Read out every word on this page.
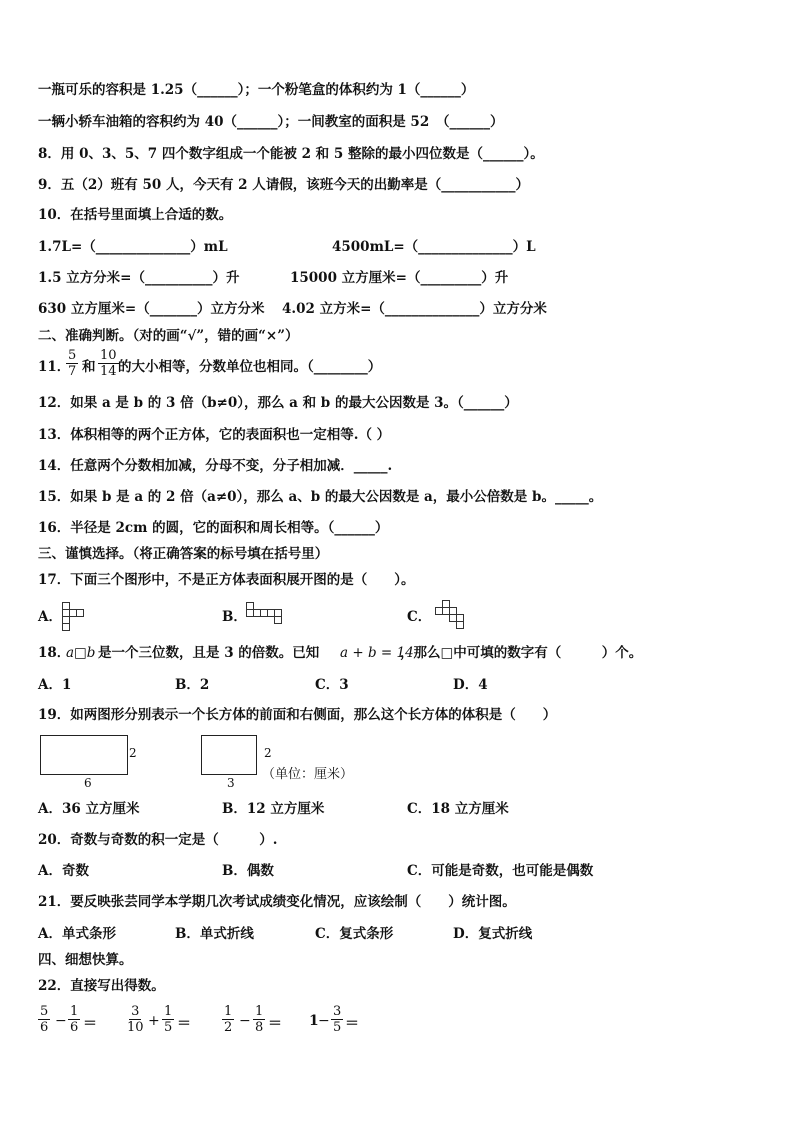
一瓶可乐的容积是 1.25（______）；一个粉笔盒的体积约为 1（______）
一辆小轿车油箱的容积约为 40（______）；一间教室的面积是 52　（______）
8．用 0、3、5、7 四个数字组成一个能被 2 和 5 整除的最小四位数是（______）。
9．五（2）班有 50 人，今天有 2 人请假，该班今天的出勤率是（___________）
10．在括号里面填上合适的数。
1.7L=（______________）mL	4500mL=（______________）L
1.5 立方分米=（__________）升	15000 立方厘米=（_________）升
630 立方厘米=（_______）立方分米 4.02 立方米=（______________）立方分米
二、准确判断。（对的画“√”，错的画“×”）
11．
$\frac{5}{7}$ 和 $\frac{10}{14}$ 的大小相等，分数单位也相同。（________）
12．如果 a 是 b 的 3 倍（b≠0），那么 a 和 b 的最大公因数是 3。（______）
13．体积相等的两个正方体，它的表面积也一定相等.（ ）
14．任意两个分数相加减，分母不变，分子相加减．_____.
15．如果 b 是 a 的 2 倍（a≠0），那么 a、b 的最大公因数是 a，最小公倍数是 b。_____。
16．半径是 2cm 的圆，它的面积和周长相等。（______）
三、谨慎选择。（将正确答案的标号填在括号里）
17．下面三个图形中，不是正方体表面积展开图的是（　　）。
A．	B．	C．
18．
a□b 是一个三位数，且是 3 的倍数。已知 a + b = 14
，那么□中可填的数字有（　　　）个。
A．1	B．2	C．3	D．4
19．如两图形分别表示一个长方体的前面和右侧面，那么这个长方体的体积是（　　）
2
6
2
3
（单位：厘米）
A．36 立方厘米	B．12 立方厘米	C．18 立方厘米
20．奇数与奇数的积一定是（　　　）.
A．奇数	B．偶数	C．可能是奇数，也可能是偶数
21．要反映张芸同学本学期几次考试成绩变化情况，应该绘制（　　）统计图。
A．单式条形	B．单式折线	C．复式条形	D．复式折线
四、细想快算。
22．直接写出得数。
$\frac{5}{6} - \frac{1}{6} = \frac{3}{10} + \frac{1}{5} = \frac{1}{2} - \frac{1}{8} = 1 - \frac{3}{5}$ ＝
